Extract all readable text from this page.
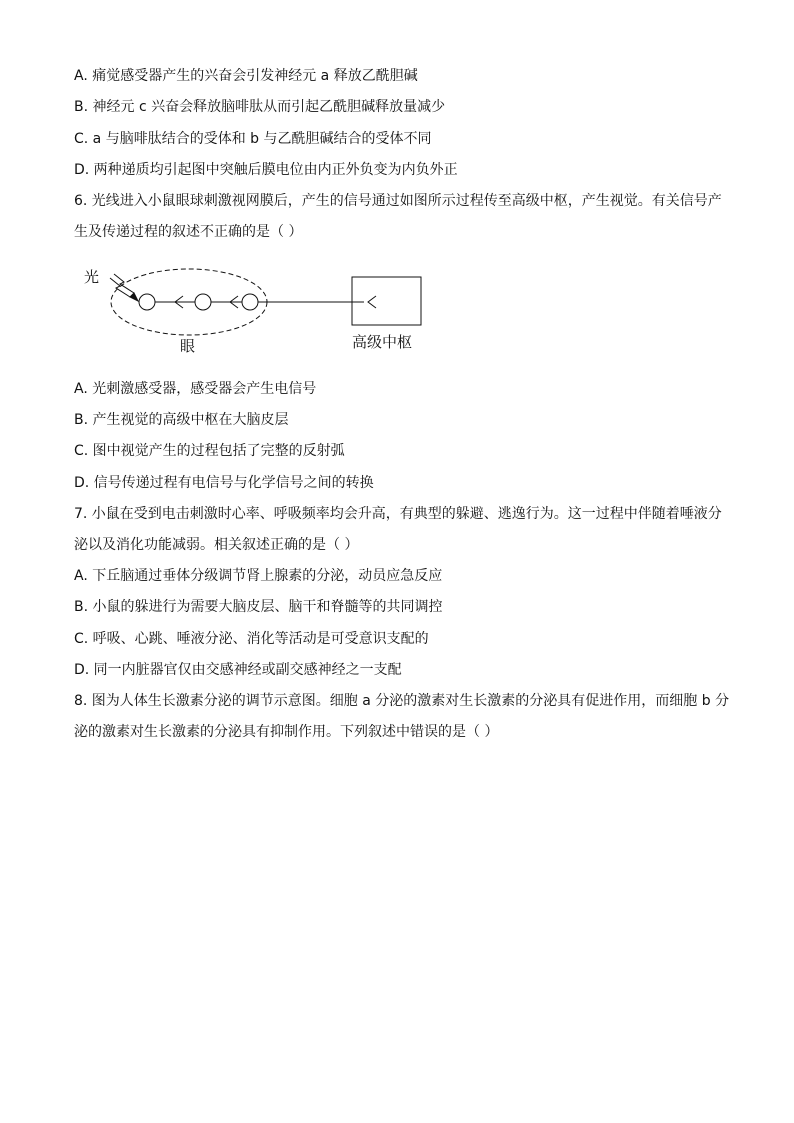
A. 痛觉感受器产生的兴奋会引发神经元 a 释放乙酰胆碱
B. 神经元 c 兴奋会释放脑啡肽从而引起乙酰胆碱释放量减少
C. a 与脑啡肽结合的受体和 b 与乙酰胆碱结合的受体不同
D. 两种递质均引起图中突触后膜电位由内正外负变为内负外正
6. 光线进入小鼠眼球刺激视网膜后，产生的信号通过如图所示过程传至高级中枢，产生视觉。有关信号产
生及传递过程的叙述不正确的是（ ）
光
眼	高级中枢
A. 光刺激感受器，感受器会产生电信号
B. 产生视觉的高级中枢在大脑皮层
C. 图中视觉产生的过程包括了完整的反射弧
D. 信号传递过程有电信号与化学信号之间的转换
7. 小鼠在受到电击刺激时心率、呼吸频率均会升高，有典型的躲避、逃逸行为。这一过程中伴随着唾液分
泌以及消化功能减弱。相关叙述正确的是（ ）
A. 下丘脑通过垂体分级调节肾上腺素的分泌，动员应急反应
B. 小鼠的躲进行为需要大脑皮层、脑干和脊髓等的共同调控
C. 呼吸、心跳、唾液分泌、消化等活动是可受意识支配的
D. 同一内脏器官仅由交感神经或副交感神经之一支配
8. 图为人体生长激素分泌的调节示意图。细胞 a 分泌的激素对生长激素的分泌具有促进作用，而细胞 b 分
泌的激素对生长激素的分泌具有抑制作用。下列叙述中错误的是（ ）
